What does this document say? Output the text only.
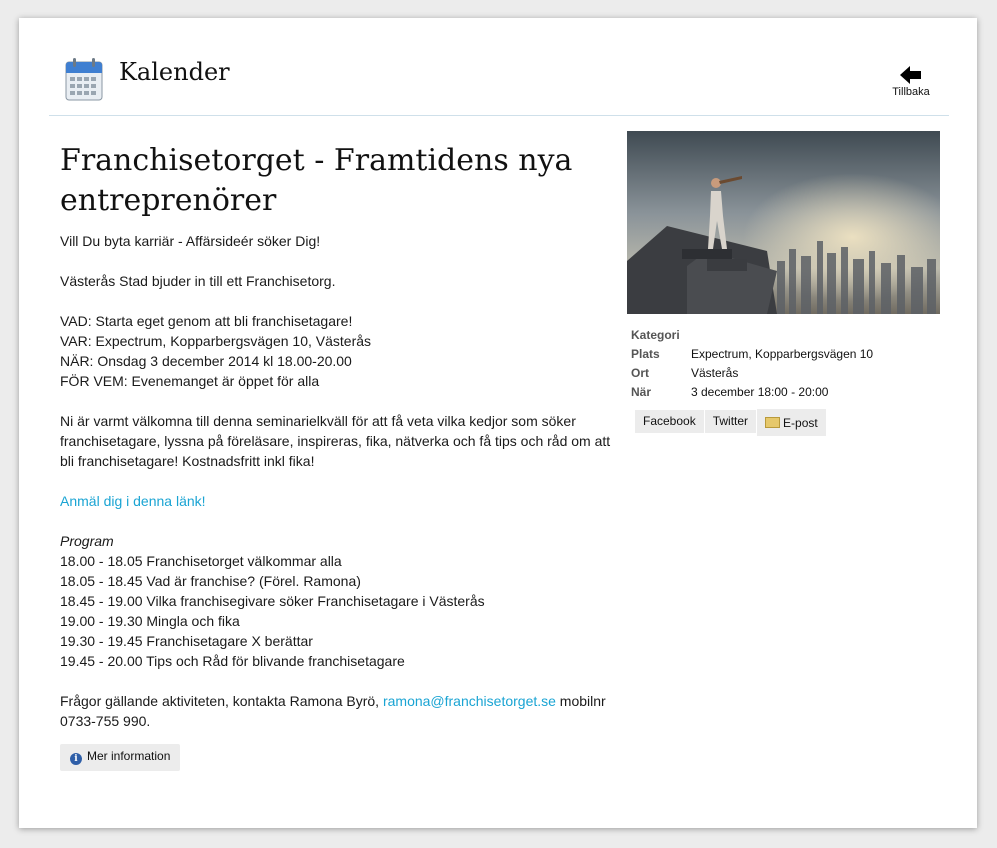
Kalender
Tillbaka
Franchisetorget - Framtidens nya entreprenörer

Vill Du byta karriär - Affärsideér söker Dig!

Västerås Stad bjuder in till ett Franchisetorg.

VAD: Starta eget genom att bli franchisetagare!
VAR: Expectrum, Kopparbergsvägen 10, Västerås
NÄR: Onsdag 3 december 2014 kl 18.00-20.00
FÖR VEM: Evenemanget är öppet för alla

Ni är varmt välkomna till denna seminarielkväll för att få veta vilka kedjor som söker franchisetagare, lyssna på föreläsare, inspireras, fika, nätverka och få tips och råd om att bli franchisetagare! Kostnadsfritt inkl fika!

Anmäl dig i denna länk!

Program
18.00 - 18.05 Franchisetorget välkommar alla
18.05 - 18.45 Vad är franchise? (Förel. Ramona)
18.45 - 19.00 Vilka franchisegivare söker Franchisetagare i Västerås
19.00 - 19.30 Mingla och fika
19.30 - 19.45 Franchisetagare X berättar
19.45 - 20.00 Tips och Råd för blivande franchisetagare

Frågor gällande aktiviteten, kontakta Ramona Byrö, ramona@franchisetorget.se mobilnr 0733-755 990.

i Mer information
Kategori	
Plats	Expectrum, Kopparbergsvägen 10
Ort	Västerås
När	3 december 18:00 - 20:00
Facebook Twitter	E-post
